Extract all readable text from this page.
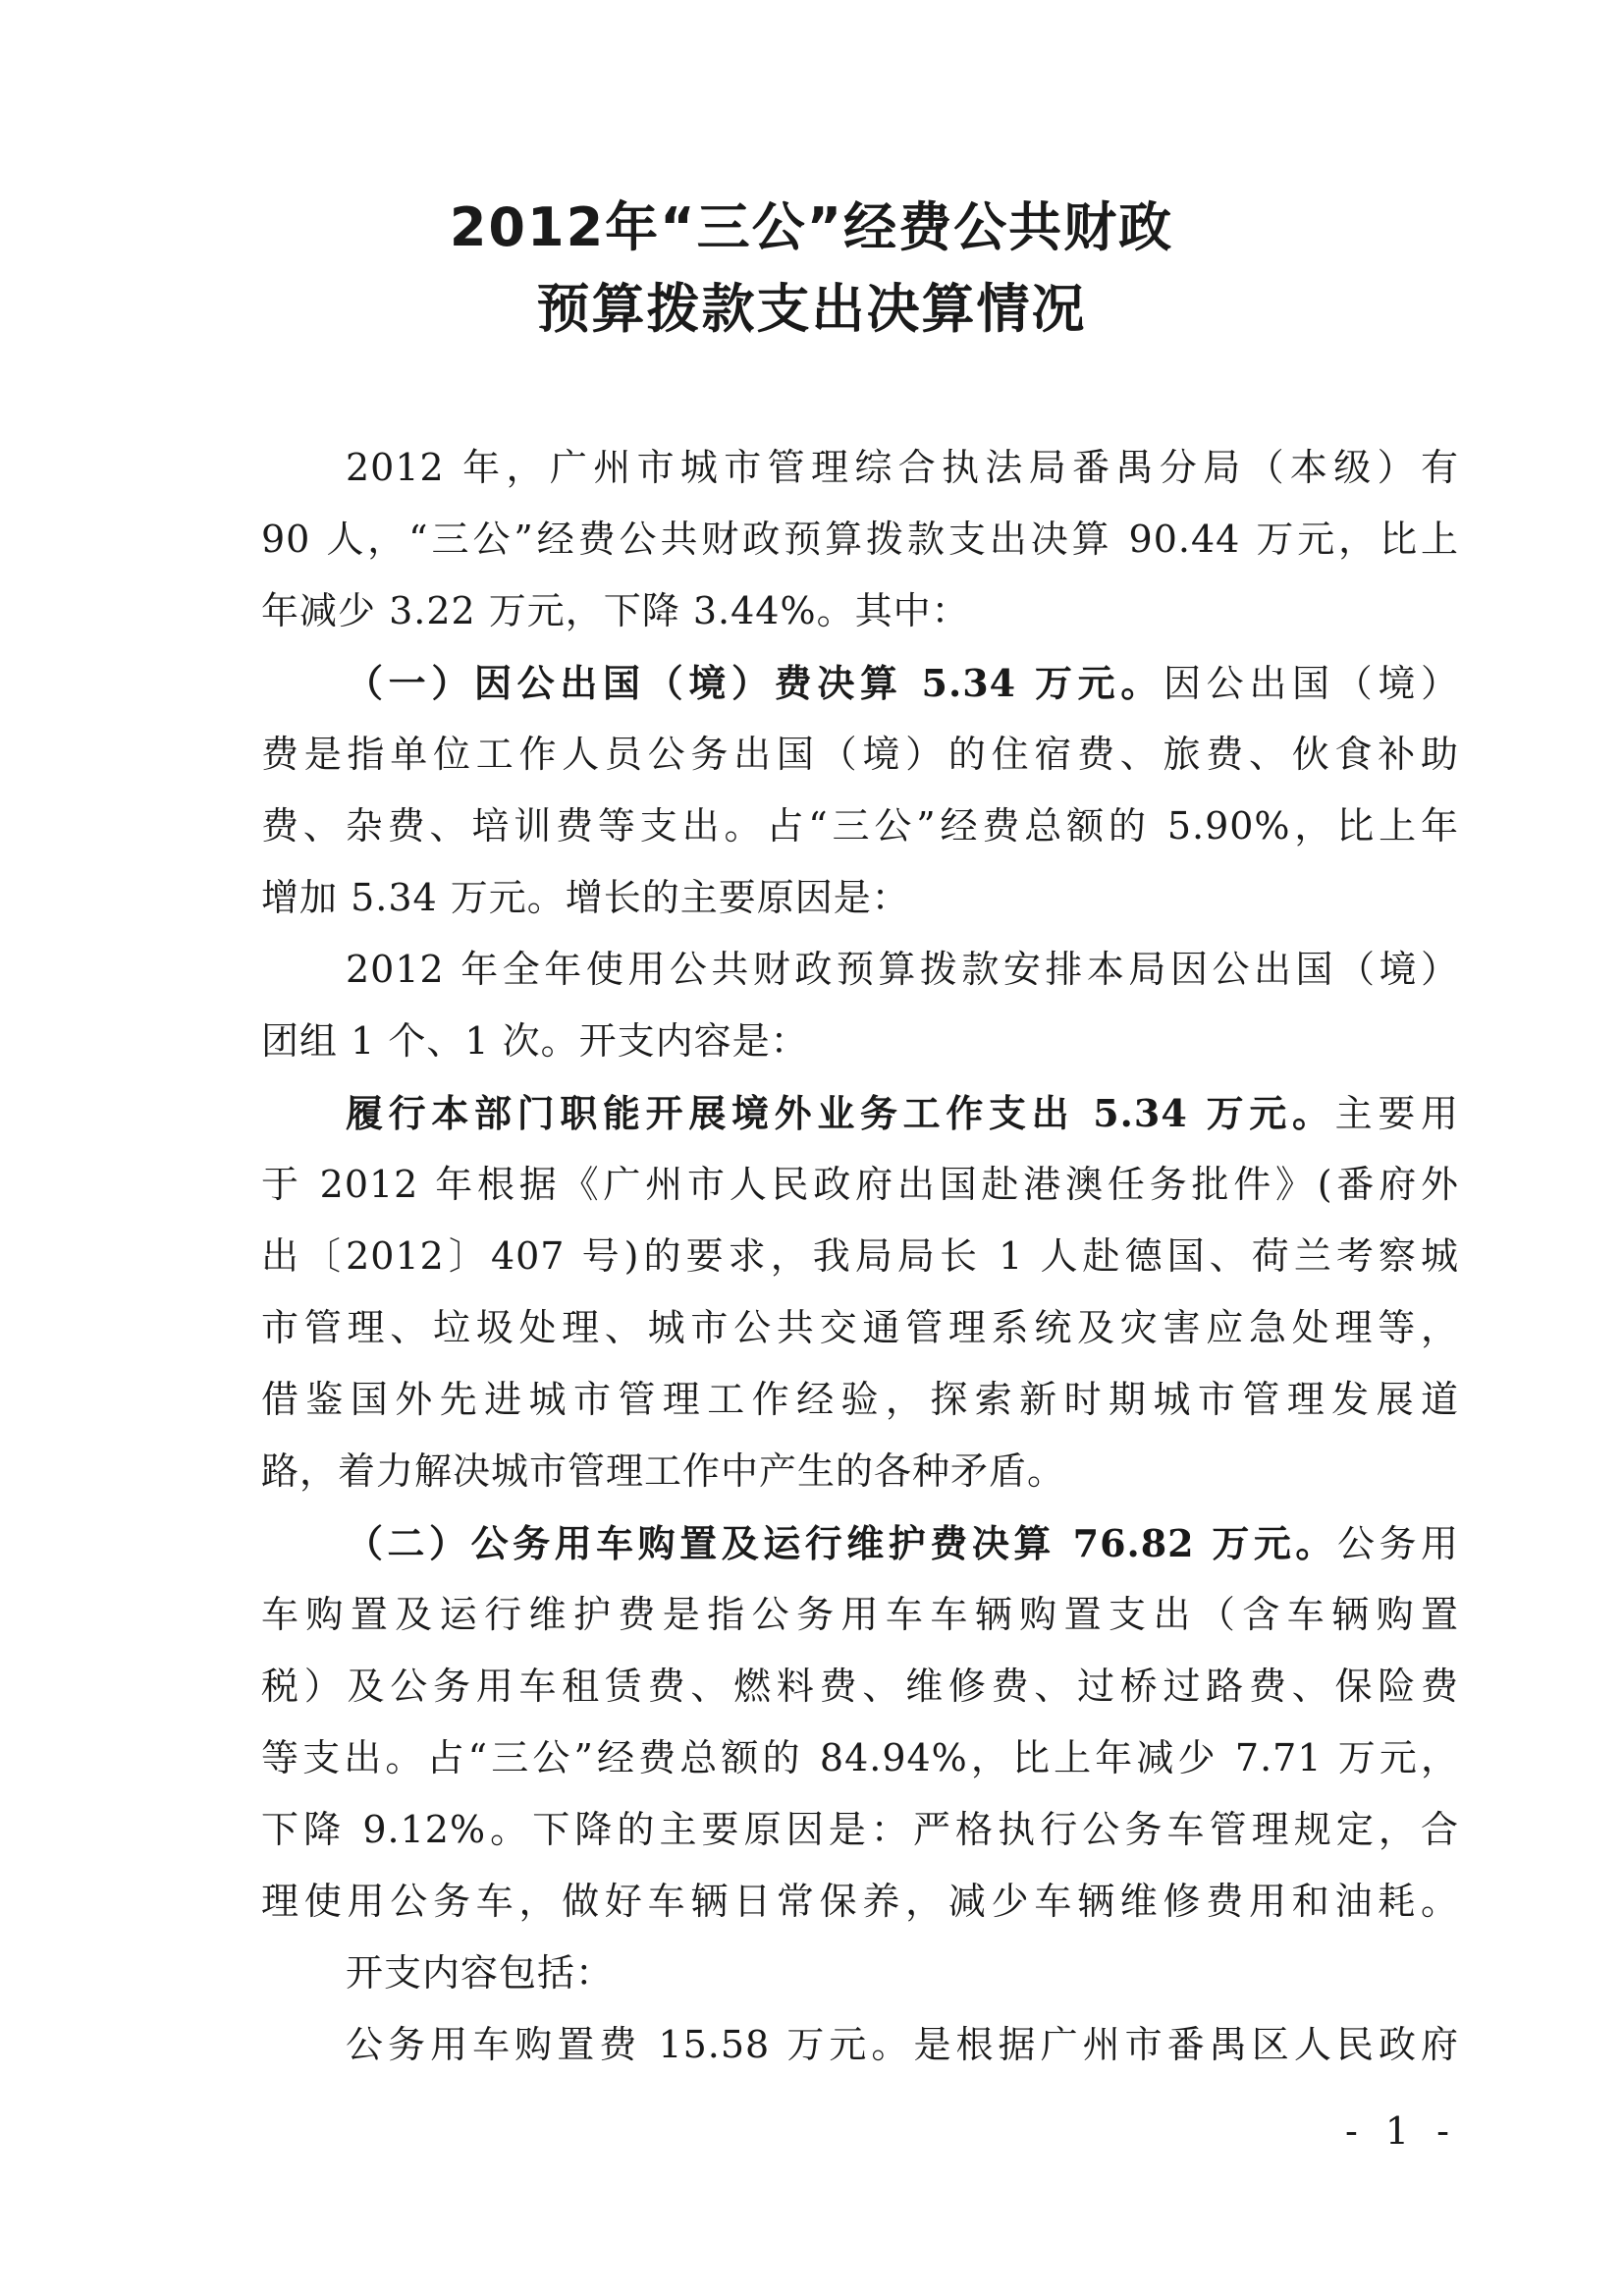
2012年“三公”经费公共财政
预算拨款支出决算情况
2012 年，广州市城市管理综合执法局番禺分局（本级）有
90 人，“三公”经费公共财政预算拨款支出决算 90.44 万元，比上
年减少 3.22 万元，下降 3.44%。其中：
（一）因公出国（境）费决算 5.34 万元。因公出国（境）
费是指单位工作人员公务出国（境）的住宿费、旅费、伙食补助
费、杂费、培训费等支出。占“三公”经费总额的 5.90%，比上年
增加 5.34 万元。增长的主要原因是：
2012 年全年使用公共财政预算拨款安排本局因公出国（境）
团组 1 个、1 次。开支内容是：
履行本部门职能开展境外业务工作支出 5.34 万元。主要用
于 2012 年根据《广州市人民政府出国赴港澳任务批件》(番府外
出〔2012〕407 号)的要求，我局局长 1 人赴德国、荷兰考察城
市管理、垃圾处理、城市公共交通管理系统及灾害应急处理等，
借鉴国外先进城市管理工作经验，探索新时期城市管理发展道
路，着力解决城市管理工作中产生的各种矛盾。
（二）公务用车购置及运行维护费决算 76.82 万元。公务用
车购置及运行维护费是指公务用车车辆购置支出（含车辆购置
税）及公务用车租赁费、燃料费、维修费、过桥过路费、保险费
等支出。占“三公”经费总额的 84.94%，比上年减少 7.71 万元，
下降 9.12%。下降的主要原因是：严格执行公务车管理规定，合
理使用公务车，做好车辆日常保养，减少车辆维修费用和油耗。
开支内容包括：
公务用车购置费 15.58 万元。是根据广州市番禺区人民政府
- 1 -
